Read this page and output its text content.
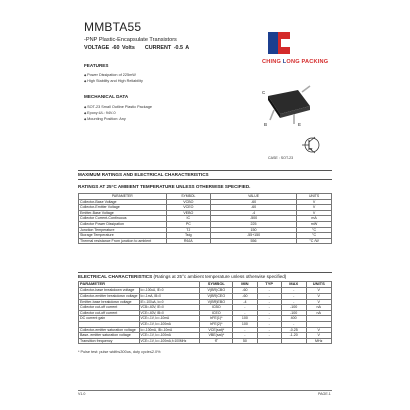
MMBTA55
-PNP Plastic-Encapsulate Transistors
VOLTAGE -60 Volts CURRENT -0.5 A
CHING LONG PACKING
FEATURES
◆ Power Dissipation of 225mW
◆ High Stability and High Reliability
MECHANICAL DATA
◆ SOT-23 Small Outline Plastic Package
◆ Epoxy:UL: 94V-0
◆ Mounting Position: Any
C
B	E
CASE : SOT-23
MAXIMUM RATINGS AND ELECTRICAL CHARACTERISTICS
RATINGS AT 25°C AMBIENT TEMPERATURE UNLESS OTHERWISE SPECIFIED.
PARAMETER	SYMBOL	VALUE	UNITS
Collector-Base Voltage	VCBO	-60	V
Collector-Emitter Voltage	VCEO	-60	V
Emitter-Base Voltage	VEBO	-4	V
Collector Current-Continuous	IC	-500	mA
Collector Power Dissipation	PC	225	mW
Junction Temperature	TJ	150	°C
Storage Temperature	Tstg	-55+150	°C
Thermal resistance From junction to ambient	RθJA	556	°C /W
ELECTRICAL CHARACTERISTICS (Ratings at 25°c ambient temperature unless otherwise specified)
PARAMETER		SYMBOL	MIN	TYP	MAX	UNITS
Collector-base breakdown voltage	Ic=-100uA, IE=0	V(BR)CBO	-60	-	-	V
Collector-emitter breakdown voltage	Ic=-1mA, IB=0	V(BR)CEO	-60	-	-	V
Emitter-base breakdown voltage	IE=-100uA, Ic=0	V(BR)EBO	-4	-	-	V
Collector cut-off current	VCB=-60V, IE=0	ICBO	-	-	-100	nA
Collector cut-off current	VCE=-60V, IB=0	ICEO	-	-	-100	nA
DC current gain	VCE=-1V, Ic=-10mA	hFE(1)*	100	-	400	
	VCE=-1V, Ic=-100mA	hFE(2)*	100	-	-	
Collector-emitter saturation voltage	Ic=-100mA, IB=-10mA	VCE(sat)*	-	-	-0.25	V
Base- emitter saturation voltage	VCE=-1V, Ic=-100mA	VBE(sat)*	-	-	-1.20	V
Transition frequency	VCE=-1V, Ic=-100mA,f=100MHz	fT	50			MHz
* Pulse test: pulse width≤300us, duty cycle≤2.0%
V1.0	PAGE.1
